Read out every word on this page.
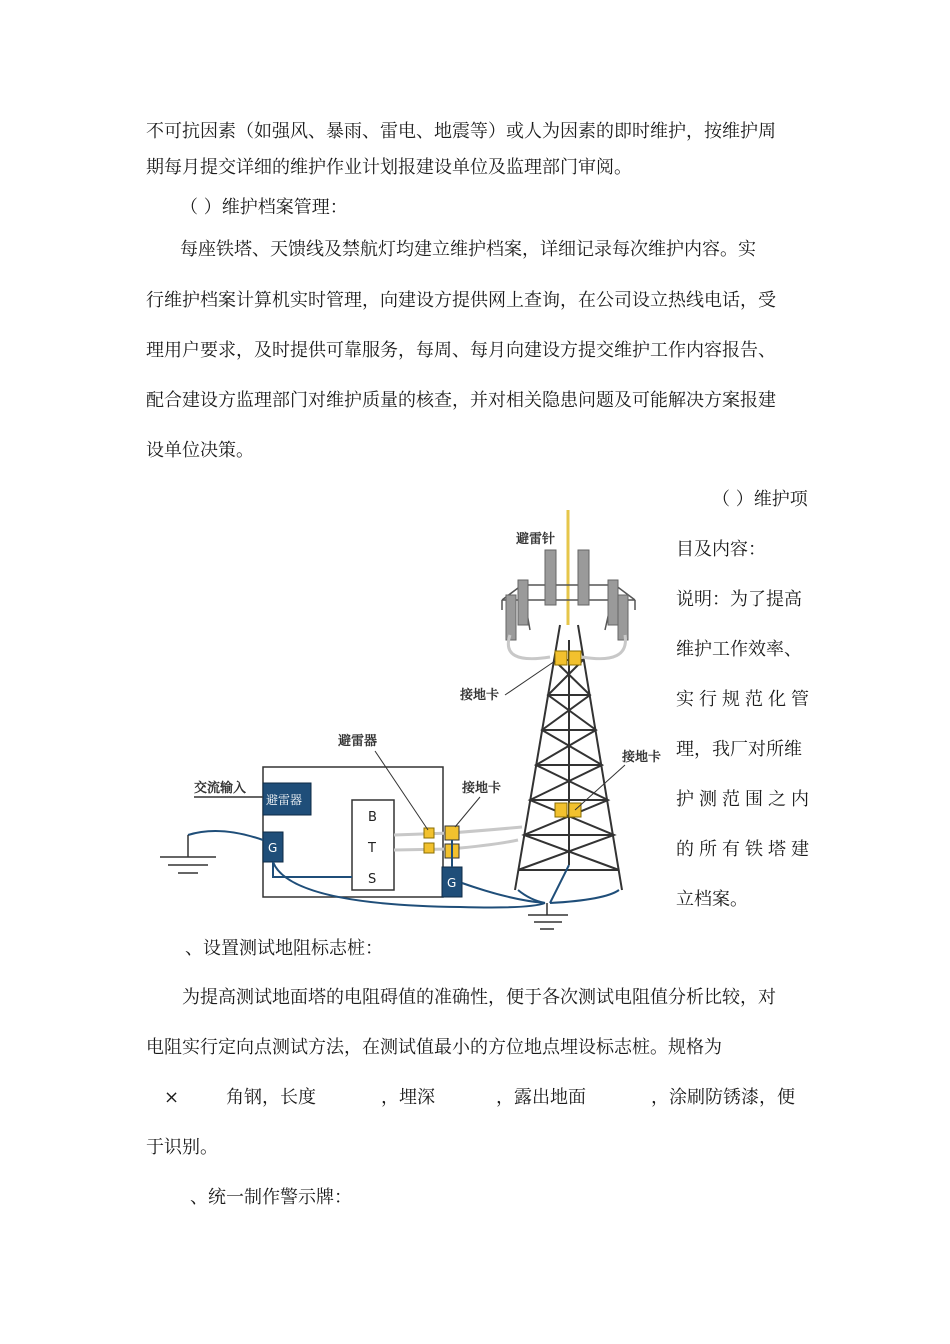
不可抗因素（如强风、暴雨、雷电、地震等）或人为因素的即时维护，按维护周
期每月提交详细的维护作业计划报建设单位及监理部门审阅。
（ ）维护档案管理：
每座铁塔、天馈线及禁航灯均建立维护档案，详细记录每次维护内容。实
行维护档案计算机实时管理，向建设方提供网上查询，在公司设立热线电话，受
理用户要求，及时提供可靠服务，每周、每月向建设方提交维护工作内容报告、
配合建设方监理部门对维护质量的核查，并对相关隐患问题及可能解决方案报建
设单位决策。
（ ）维护项
目及内容：
说明：为了提高
维护工作效率、
实行规范化管
理，我厂对所维
护测范围之内
的所有铁塔建
立档案。
避雷针
接地卡
接地卡
B
T
S
避雷器
交流输入
G
G
避雷器
接地卡
、设置测试地阻标志桩：
为提高测试地面塔的电阻碍值的准确性，便于各次测试电阻值分析比较，对
电阻实行定向点测试方法，在测试值最小的方位地点埋设标志桩。规格为
×	角钢，长度	，埋深	，露出地面	，涂刷防锈漆，便
于识别。
、统一制作警示牌：
